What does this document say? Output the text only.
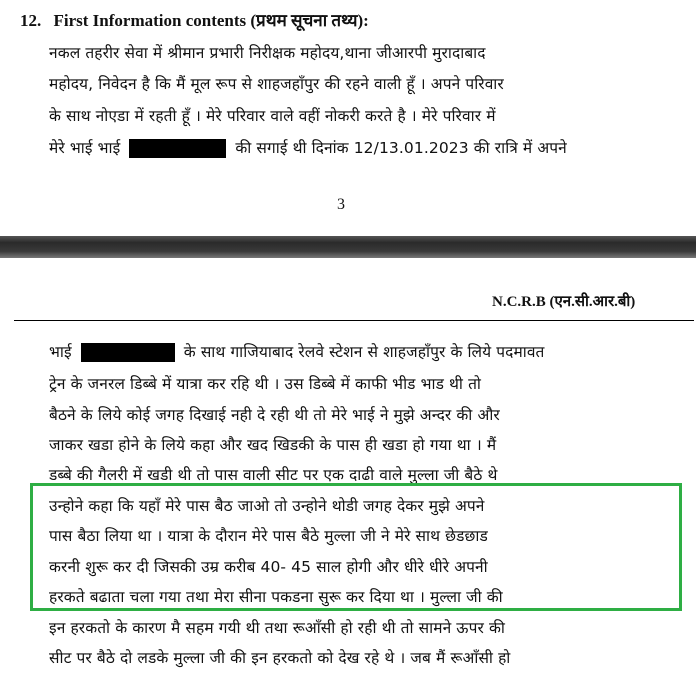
12. First Information contents (प्रथम सूचना तथ्य):
नकल तहरीर सेवा में श्रीमान प्रभारी निरीक्षक महोदय,थाना जीआरपी मुरादाबाद
महोदय, निवेदन है कि मैं मूल रूप से शाहजहाँपुर की रहने वाली हूँ । अपने परिवार
के साथ नोएडा में रहती हूँ । मेरे परिवार वाले वहीं नोकरी करते है । मेरे परिवार में
मेरे भाई भाई	की सगाई थी दिनांक 12/13.01.2023 की रात्रि में अपने
3
N.C.R.B (एन.सी.आर.बी)
भाई	के साथ गाजियाबाद रेलवे स्टेशन से शाहजहाँपुर के लिये पदमावत
ट्रेन के जनरल डिब्बे में यात्रा कर रहि थी । उस डिब्बे में काफी भीड भाड थी तो
बैठने के लिये कोई जगह दिखाई नही दे रही थी तो मेरे भाई ने मुझे अन्दर की और
जाकर खडा होने के लिये कहा और खद खिडकी के पास ही खडा हो गया था । मैं
डब्बे की गैलरी में खडी थी तो पास वाली सीट पर एक दाढी वाले मुल्ला जी बैठे थे
उन्होने कहा कि यहाँ मेरे पास बैठ जाओ तो उन्होने थोडी जगह देकर मुझे अपने
पास बैठा लिया था । यात्रा के दौरान मेरे पास बैठे मुल्ला जी ने मेरे साथ छेडछाड
करनी शुरू कर दी जिसकी उम्र करीब 40- 45 साल होगी और धीरे धीरे अपनी
हरकते बढाता चला गया तथा मेरा सीना पकडना सुरू कर दिया था । मुल्ला जी की
इन हरकतो के कारण मै सहम गयी थी तथा रूआँसी हो रही थी तो सामने ऊपर की
सीट पर बैठे दो लडके मुल्ला जी की इन हरकतो को देख रहे थे । जब मैं रूआँसी हो
